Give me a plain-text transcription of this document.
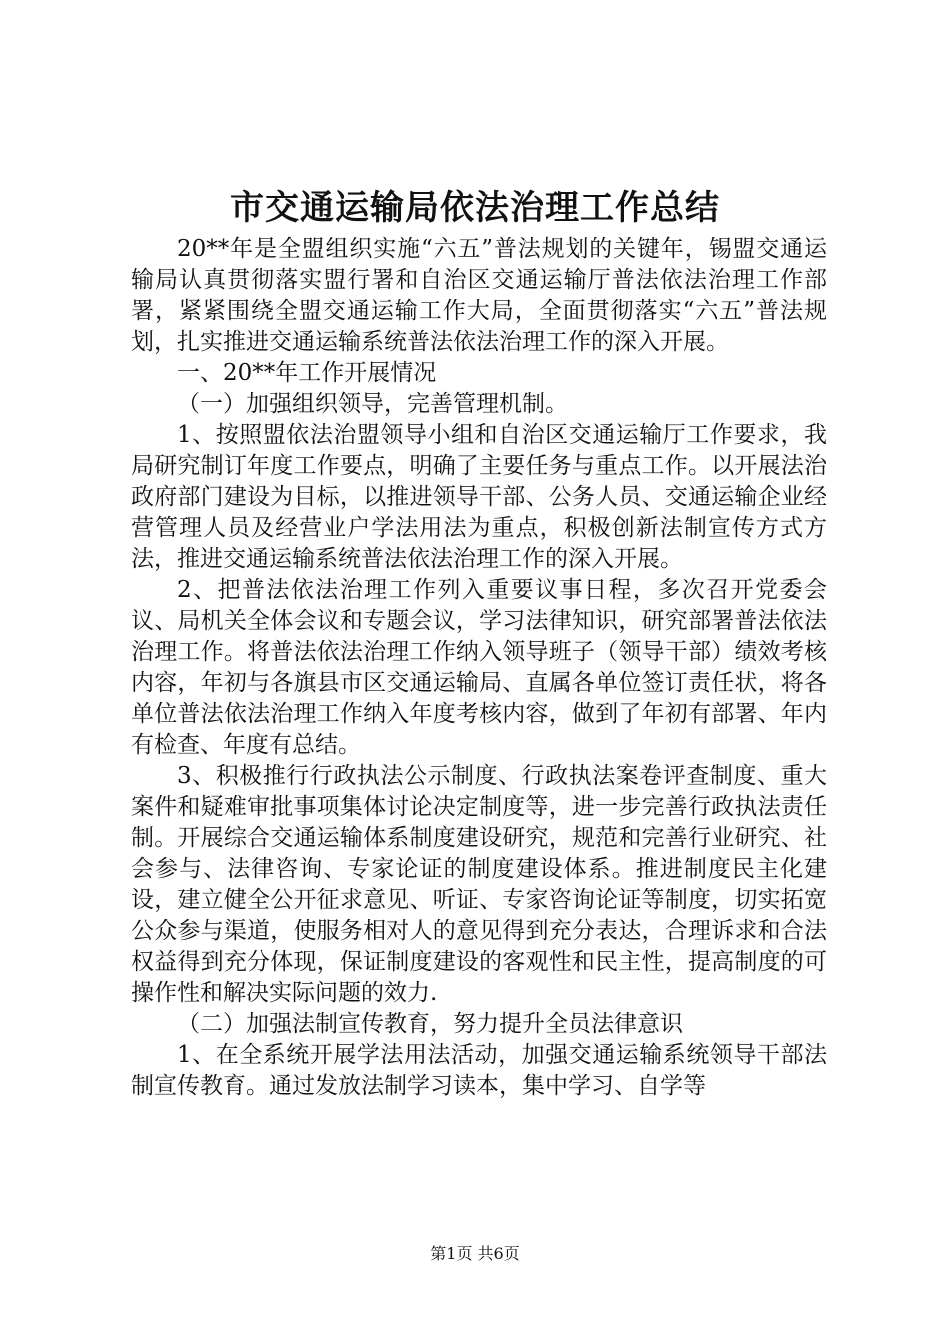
市交通运输局依法治理工作总结

20**年是全盟组织实施“六五”普法规划的关键年，锡盟交通运输局认真贯彻落实盟行署和自治区交通运输厅普法依法治理工作部署，紧紧围绕全盟交通运输工作大局，全面贯彻落实“六五”普法规划，扎实推进交通运输系统普法依法治理工作的深入开展。

一、20**年工作开展情况

（一）加强组织领导，完善管理机制。

1、按照盟依法治盟领导小组和自治区交通运输厅工作要求，我局研究制订年度工作要点，明确了主要任务与重点工作。以开展法治政府部门建设为目标，以推进领导干部、公务人员、交通运输企业经营管理人员及经营业户学法用法为重点，积极创新法制宣传方式方法，推进交通运输系统普法依法治理工作的深入开展。

2、把普法依法治理工作列入重要议事日程，多次召开党委会议、局机关全体会议和专题会议，学习法律知识，研究部署普法依法治理工作。将普法依法治理工作纳入领导班子（领导干部）绩效考核内容，年初与各旗县市区交通运输局、直属各单位签订责任状，将各单位普法依法治理工作纳入年度考核内容，做到了年初有部署、年内有检查、年度有总结。

3、积极推行行政执法公示制度、行政执法案卷评查制度、重大案件和疑难审批事项集体讨论决定制度等，进一步完善行政执法责任制。开展综合交通运输体系制度建设研究，规范和完善行业研究、社会参与、法律咨询、专家论证的制度建设体系。推进制度民主化建设，建立健全公开征求意见、听证、专家咨询论证等制度，切实拓宽公众参与渠道，使服务相对人的意见得到充分表达，合理诉求和合法权益得到充分体现，保证制度建设的客观性和民主性，提高制度的可操作性和解决实际问题的效力.

（二）加强法制宣传教育，努力提升全员法律意识

1、在全系统开展学法用法活动，加强交通运输系统领导干部法制宣传教育。通过发放法制学习读本，集中学习、自学等

第1页 共6页
